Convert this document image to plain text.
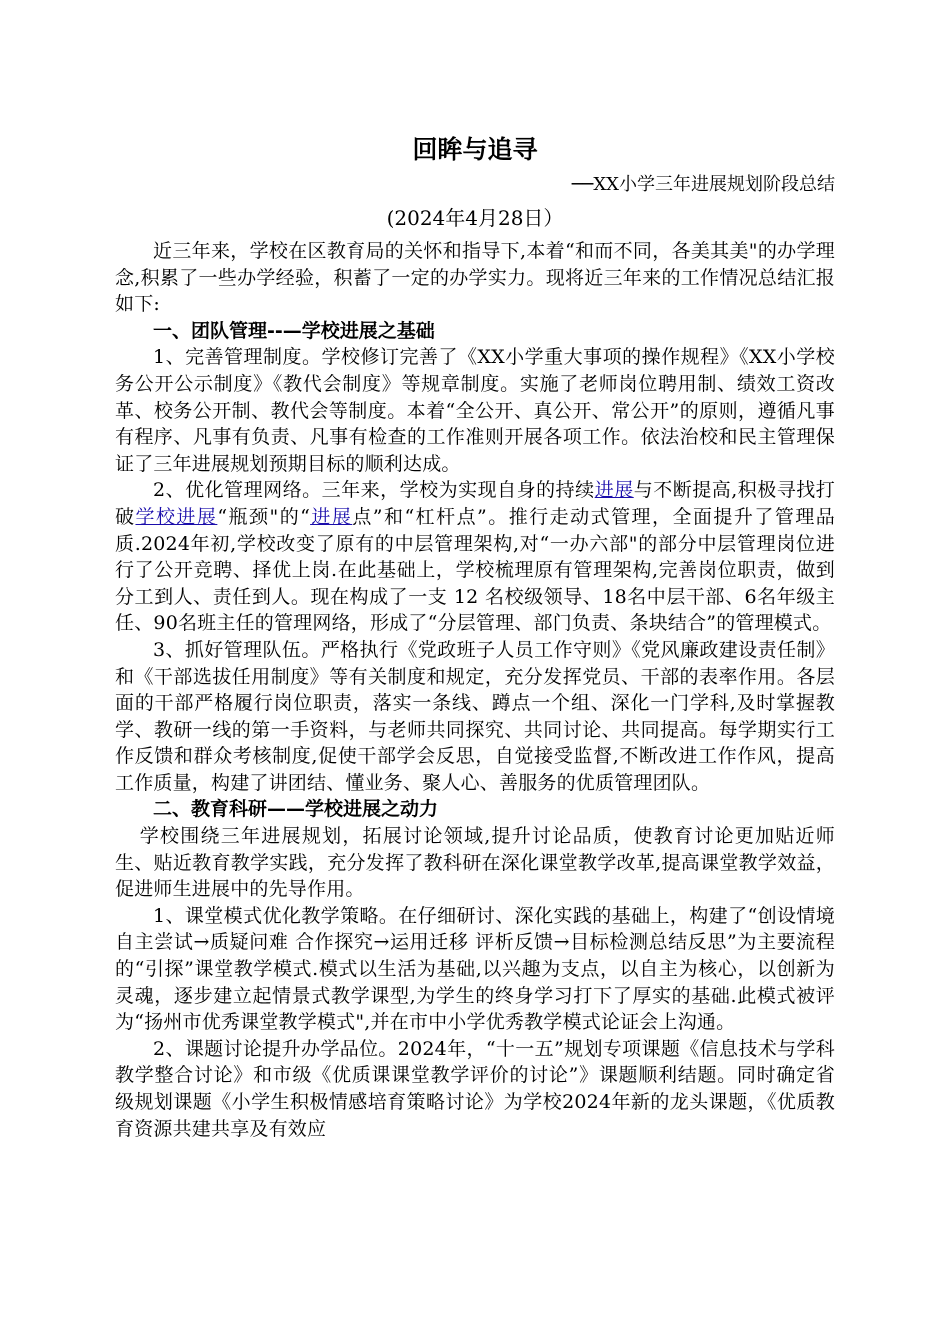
回眸与追寻
──XX小学三年进展规划阶段总结
(2024年4月28日）

近三年来，学校在区教育局的关怀和指导下,本着“和而不同，各美其美"的办学理念,积累了一些办学经验，积蓄了一定的办学实力。现将近三年来的工作情况总结汇报如下:

一、团队管理--—学校进展之基础

1、完善管理制度。学校修订完善了《XX小学重大事项的操作规程》《XX小学校务公开公示制度》《教代会制度》等规章制度。实施了老师岗位聘用制、绩效工资改革、校务公开制、教代会等制度。本着“全公开、真公开、常公开”的原则，遵循凡事有程序、凡事有负责、凡事有检查的工作准则开展各项工作。依法治校和民主管理保证了三年进展规划预期目标的顺利达成。

2、优化管理网络。三年来，学校为实现自身的持续进展与不断提高,积极寻找打破学校进展“瓶颈"的“进展点”和“杠杆点”。推行走动式管理，全面提升了管理品质.2024年初,学校改变了原有的中层管理架构,对“一办六部"的部分中层管理岗位进行了公开竞聘、择优上岗.在此基础上，学校梳理原有管理架构,完善岗位职责，做到分工到人、责任到人。现在构成了一支 12 名校级领导、18名中层干部、6名年级主任、90名班主任的管理网络，形成了“分层管理、部门负责、条块结合”的管理模式。

3、抓好管理队伍。严格执行《党政班子人员工作守则》《党风廉政建设责任制》和《干部选拔任用制度》等有关制度和规定，充分发挥党员、干部的表率作用。各层面的干部严格履行岗位职责，落实一条线、蹲点一个组、深化一门学科,及时掌握教学、教研一线的第一手资料，与老师共同探究、共同讨论、共同提高。每学期实行工作反馈和群众考核制度,促使干部学会反思，自觉接受监督,不断改进工作作风，提高工作质量，构建了讲团结、懂业务、聚人心、善服务的优质管理团队。

二、教育科研——学校进展之动力

学校围绕三年进展规划，拓展讨论领域,提升讨论品质，使教育讨论更加贴近师生、贴近教育教学实践，充分发挥了教科研在深化课堂教学改革,提高课堂教学效益，促进师生进展中的先导作用。

1、课堂模式优化教学策略。在仔细研讨、深化实践的基础上，构建了“创设情境 自主尝试→质疑问难 合作探究→运用迁移 评析反馈→目标检测总结反思”为主要流程的“引探”课堂教学模式.模式以生活为基础,以兴趣为支点，以自主为核心，以创新为灵魂，逐步建立起情景式教学课型,为学生的终身学习打下了厚实的基础.此模式被评为“扬州市优秀课堂教学模式",并在市中小学优秀教学模式论证会上沟通。

2、课题讨论提升办学品位。2024年，“十一五”规划专项课题《信息技术与学科教学整合讨论》和市级《优质课课堂教学评价的讨论”》课题顺利结题。同时确定省级规划课题《小学生积极情感培育策略讨论》为学校2024年新的龙头课题，《优质教育资源共建共享及有效应
